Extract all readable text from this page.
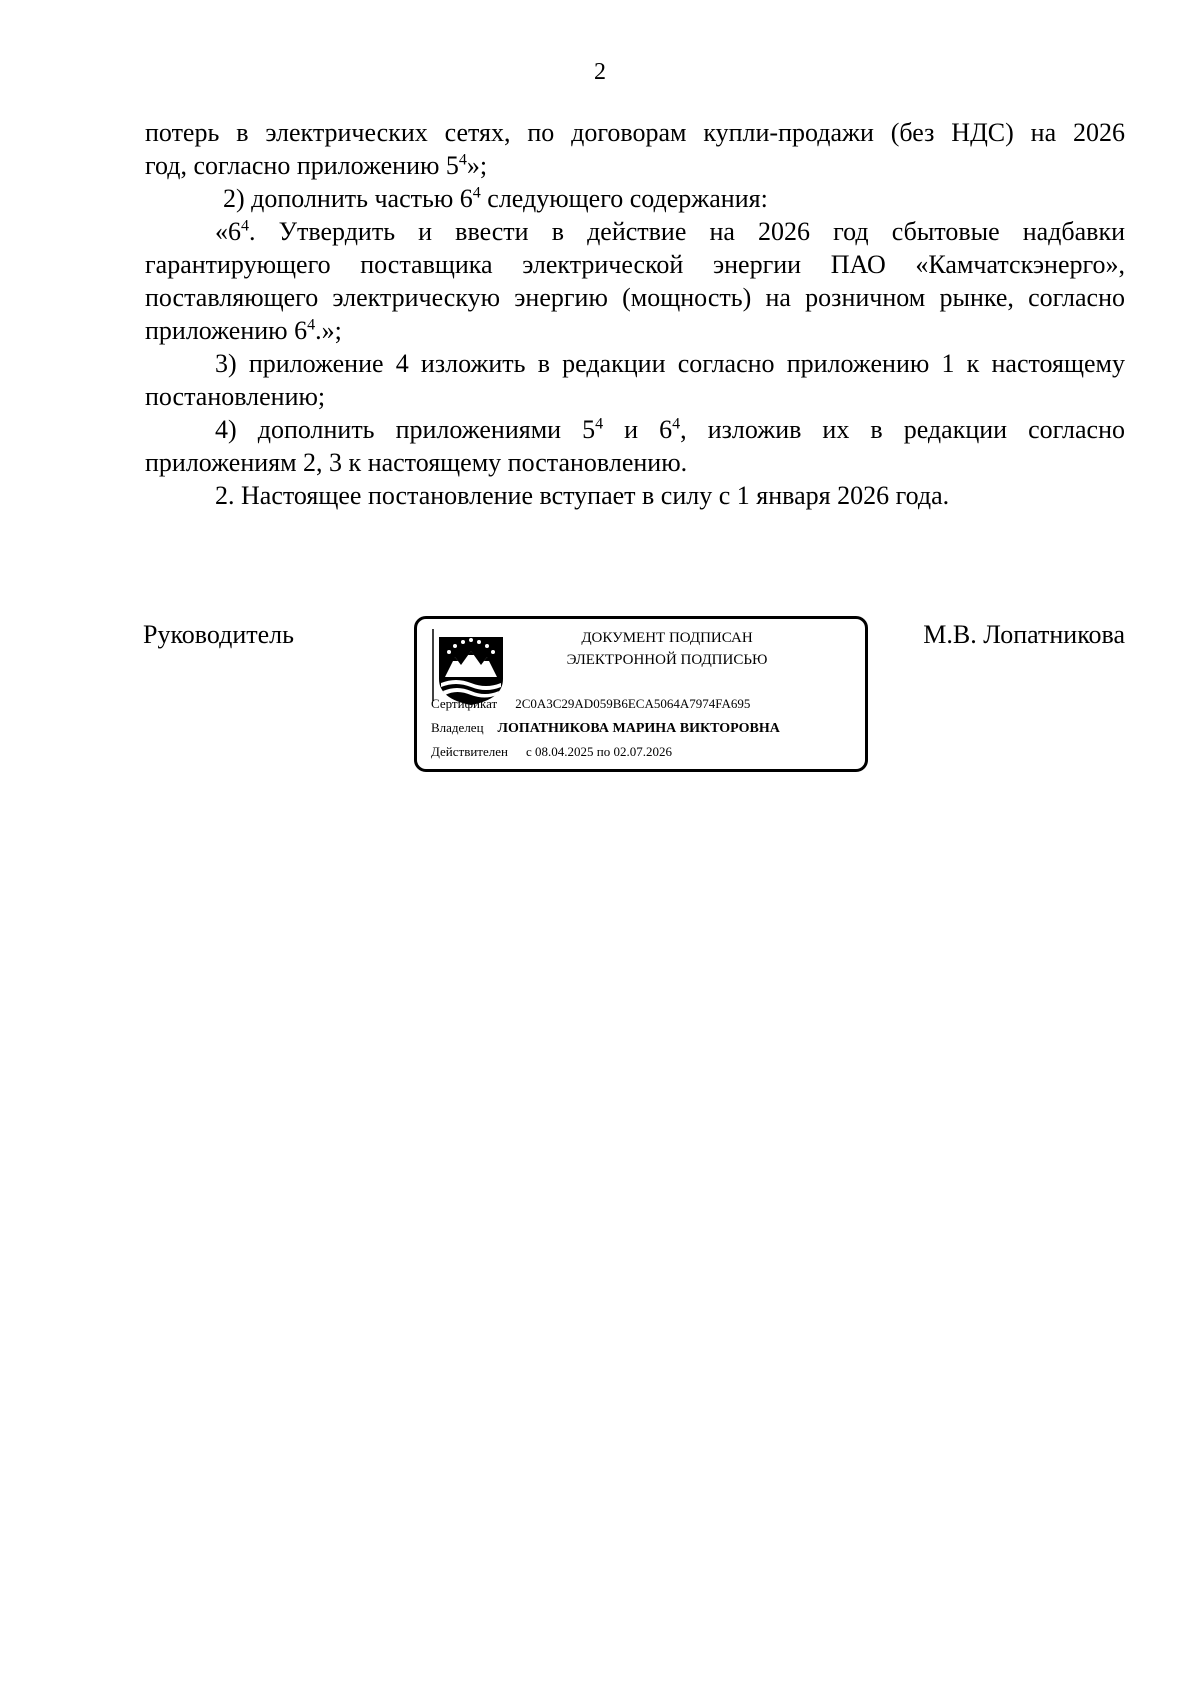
2

потерь в электрических сетях, по договорам купли-продажи (без НДС) на 2026

год, согласно приложению $5^4$»;

2) дополнить частью $6^4$ следующего содержания:

«$6^4$. Утвердить и ввести в действие на 2026 год сбытовые надбавки гарантирующего поставщика электрической энергии ПАО «Камчатскэнерго», поставляющего электрическую энергию (мощность) на розничном рынке, согласно приложению $6^4$.»;

3) приложение 4 изложить в редакции согласно приложению 1 к настоящему постановлению;

4) дополнить приложениями $5^4$ и $6^4$, изложив их в редакции согласно приложениям 2, 3 к настоящему постановлению.

2. Настоящее постановление вступает в силу с 1 января 2026 года.

Руководитель	ДОКУМЕНТ ПОДПИСАН
ЭЛЕКТРОННОЙ ПОДПИСЬЮ
Сертификат 2C0A3C29AD059B6ECA5064A7974FA695
Владелец ЛОПАТНИКОВА МАРИНА ВИКТОРОВНА
Действителен с 08.04.2025 по 02.07.2026
М.В. Лопатникова
